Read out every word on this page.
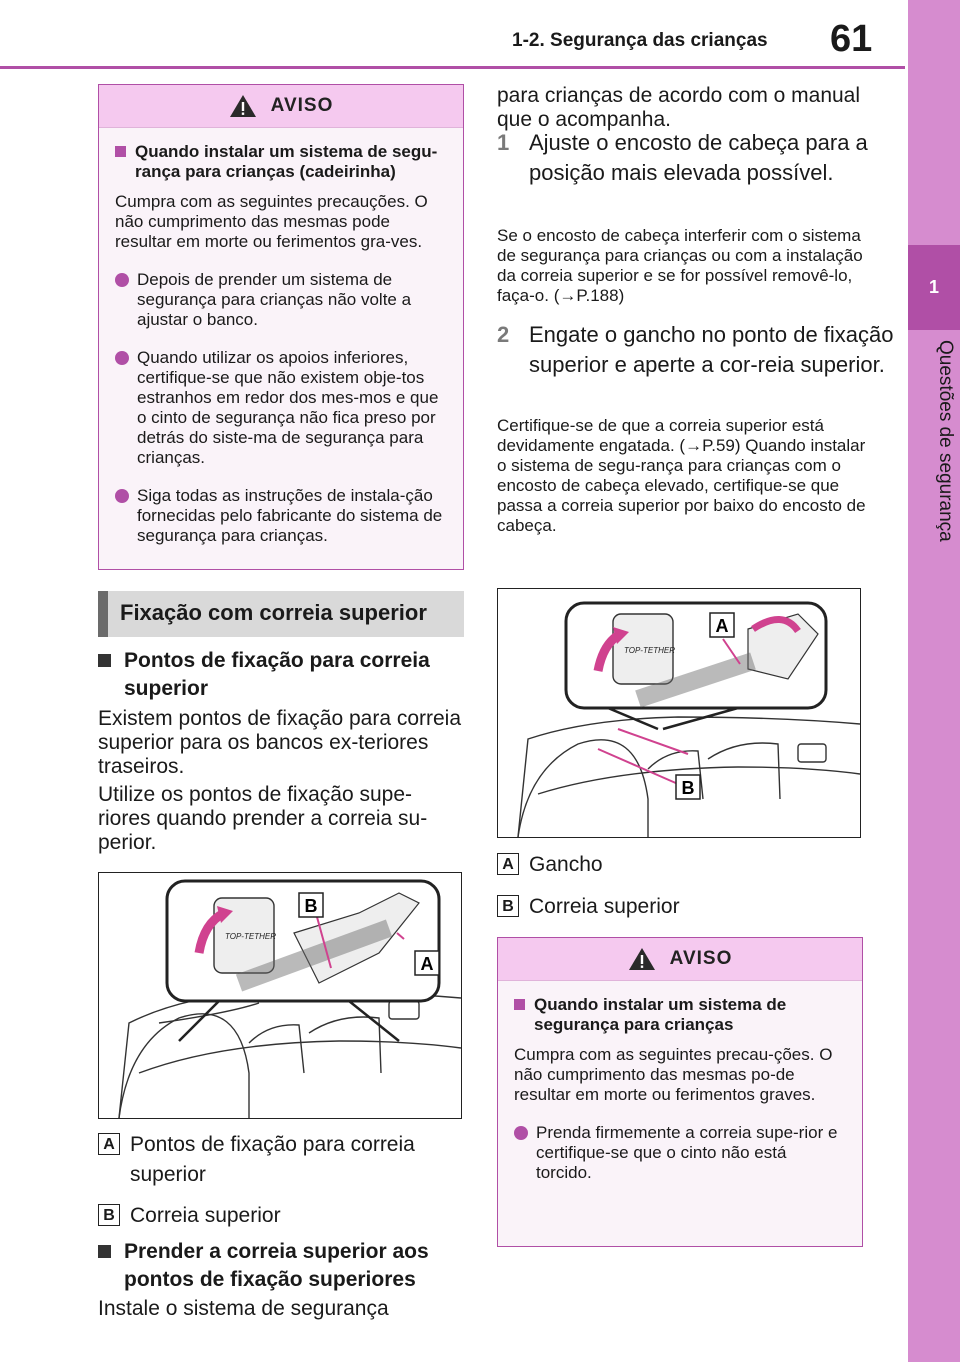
1-2. Segurança das crianças 61
1
Questões de segurança
AVISO
Quando instalar um sistema de segu-rança para crianças (cadeirinha)
Cumpra com as seguintes precauções. O não cumprimento das mesmas pode resultar em morte ou ferimentos gra-ves.
Depois de prender um sistema de segurança para crianças não volte a ajustar o banco.
Quando utilizar os apoios inferiores, certifique-se que não existem obje-tos estranhos em redor dos mes-mos e que o cinto de segurança não fica preso por detrás do siste-ma de segurança para crianças.
Siga todas as instruções de instala-ção fornecidas pelo fabricante do sistema de segurança para crianças.
Fixação com correia superior
Pontos de fixação para correia superior
Existem pontos de fixação para correia superior para os bancos ex-teriores traseiros.
Utilize os pontos de fixação supe-riores quando prender a correia su-perior.
TOP-TETHER
B
A
A Pontos de fixação para correia superior
B Correia superior
Prender a correia superior aos pontos de fixação superiores
Instale o sistema de segurança
para crianças de acordo com o manual que o acompanha.
1 Ajuste o encosto de cabeça para a posição mais elevada possível.
Se o encosto de cabeça interferir com o sistema de segurança para crianças ou com a instalação da correia superior e se for possível removê-lo, faça-o. (→P.188)
2 Engate o gancho no ponto de fixação superior e aperte a cor-reia superior.
Certifique-se de que a correia superior está devidamente engatada. (→P.59) Quando instalar o sistema de segu-rança para crianças com o encosto de cabeça elevado, certifique-se que passa a correia superior por baixo do encosto de cabeça.
TOP-TETHER
A
B
A Gancho
B Correia superior
AVISO
Quando instalar um sistema de segurança para crianças
Cumpra com as seguintes precau-ções. O não cumprimento das mesmas po-de resultar em morte ou ferimentos graves.
Prenda firmemente a correia supe-rior e certifique-se que o cinto não está torcido.
